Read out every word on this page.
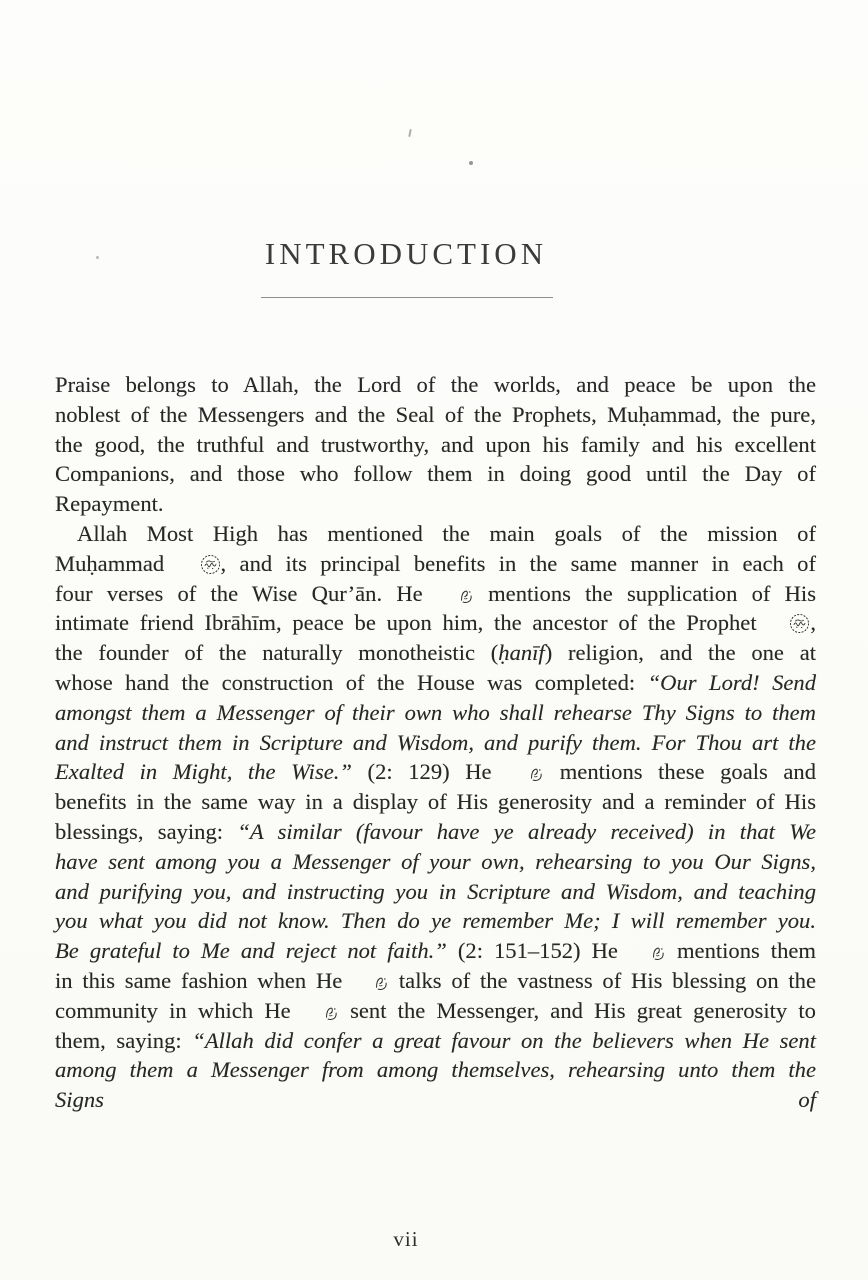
INTRODUCTION

Praise belongs to Allah, the Lord of the worlds, and peace be upon the noblest of the Messengers and the Seal of the Prophets, Muḥammad, the pure, the good, the truthful and trustworthy, and upon his family and his excellent Companions, and those who follow them in doing good until the Day of Repayment.

Allah Most High has mentioned the main goals of the mission of Muḥammad , and its principal benefits in the same manner in each of four verses of the Wise Qur’ān. He  mentions the supplication of His intimate friend Ibrāhīm, peace be upon him, the ancestor of the Prophet , the founder of the naturally monotheistic (ḥanīf) religion, and the one at whose hand the construction of the House was completed: “Our Lord! Send amongst them a Messenger of their own who shall rehearse Thy Signs to them and instruct them in Scripture and Wisdom, and purify them. For Thou art the Exalted in Might, the Wise.” (2: 129) He  mentions these goals and benefits in the same way in a display of His generosity and a reminder of His blessings, saying: “A similar (favour have ye already received) in that We have sent among you a Messenger of your own, rehearsing to you Our Signs, and purifying you, and instructing you in Scripture and Wisdom, and teaching you what you did not know. Then do ye remember Me; I will remember you. Be grateful to Me and reject not faith.” (2: 151–152) He  mentions them in this same fashion when He  talks of the vastness of His blessing on the community in which He  sent the Messenger, and His great generosity to them, saying: “Allah did confer a great favour on the believers when He sent among them a Messenger from among themselves, rehearsing unto them the Signs of

vii
